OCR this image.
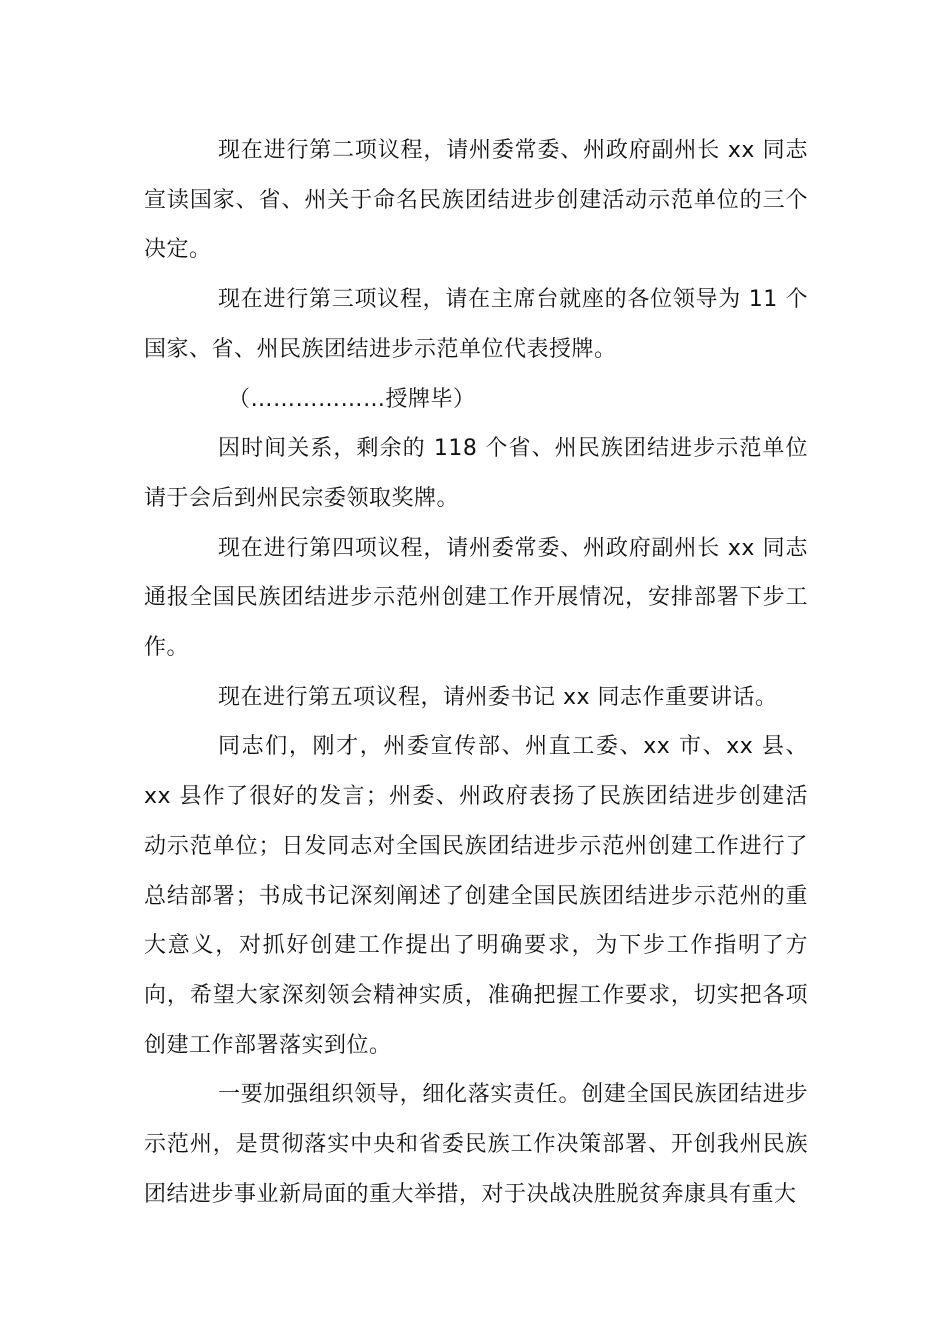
现在进行第二项议程，请州委常委、州政府副州长 xx 同志宣读国家、省、州关于命名民族团结进步创建活动示范单位的三个决定。

现在进行第三项议程，请在主席台就座的各位领导为 11 个国家、省、州民族团结进步示范单位代表授牌。

（………………授牌毕）

因时间关系，剩余的 118 个省、州民族团结进步示范单位请于会后到州民宗委领取奖牌。

现在进行第四项议程，请州委常委、州政府副州长 xx 同志通报全国民族团结进步示范州创建工作开展情况，安排部署下步工作。

现在进行第五项议程，请州委书记 xx 同志作重要讲话。

同志们，刚才，州委宣传部、州直工委、xx 市、xx 县、xx 县作了很好的发言；州委、州政府表扬了民族团结进步创建活动示范单位；日发同志对全国民族团结进步示范州创建工作进行了总结部署；书成书记深刻阐述了创建全国民族团结进步示范州的重大意义，对抓好创建工作提出了明确要求，为下步工作指明了方向，希望大家深刻领会精神实质，准确把握工作要求，切实把各项创建工作部署落实到位。

一要加强组织领导，细化落实责任。创建全国民族团结进步示范州，是贯彻落实中央和省委民族工作决策部署、开创我州民族团结进步事业新局面的重大举措，对于决战决胜脱贫奔康具有重大
